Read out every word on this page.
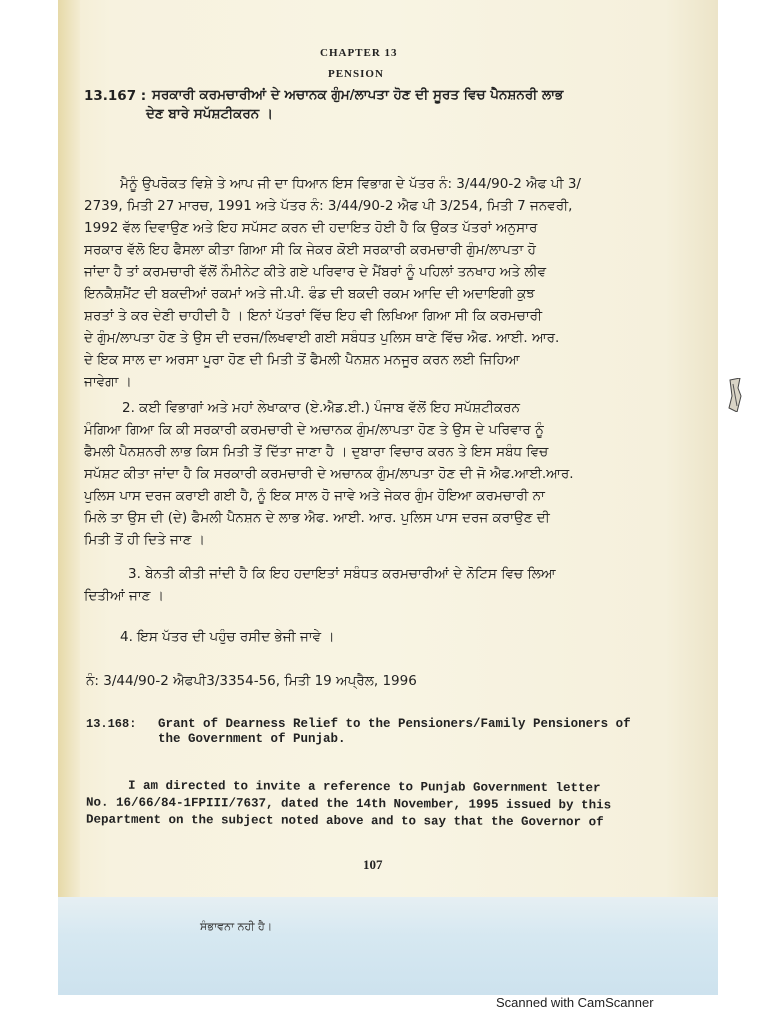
CHAPTER 13
PENSION
13.167 : ਸਰਕਾਰੀ ਕਰਮਚਾਰੀਆਂ ਦੇ ਅਚਾਨਕ ਗੁੰਮ/ਲਾਪਤਾ ਹੋਣ ਦੀ ਸੂਰਤ ਵਿਚ ਪੈਨਸ਼ਨਰੀ ਲਾਭ
ਦੇਣ ਬਾਰੇ ਸਪੱਸ਼ਟੀਕਰਨ ।
ਮੈਨੂੰ ਉਪਰੋਕਤ ਵਿਸ਼ੇ ਤੇ ਆਪ ਜੀ ਦਾ ਧਿਆਨ ਇਸ ਵਿਭਾਗ ਦੇ ਪੱਤਰ ਨੰ: 3/44/90-2 ਐਫ ਪੀ 3/
2739, ਮਿਤੀ 27 ਮਾਰਚ, 1991 ਅਤੇ ਪੱਤਰ ਨੰ: 3/44/90-2 ਐਫ ਪੀ 3/254, ਮਿਤੀ 7 ਜਨਵਰੀ,
1992 ਵੱਲ ਦਿਵਾਉਣ ਅਤੇ ਇਹ ਸਪੱਸਟ ਕਰਨ ਦੀ ਹਦਾਇਤ ਹੋਈ ਹੈ ਕਿ ਉਕਤ ਪੱਤਰਾਂ ਅਨੁਸਾਰ
ਸਰਕਾਰ ਵੱਲੋ ਇਹ ਫੈਸਲਾ ਕੀਤਾ ਗਿਆ ਸੀ ਕਿ ਜੇਕਰ ਕੋਈ ਸਰਕਾਰੀ ਕਰਮਚਾਰੀ ਗੁੰਮ/ਲਾਪਤਾ ਹੋ
ਜਾਂਦਾ ਹੈ ਤਾਂ ਕਰਮਚਾਰੀ ਵੱਲੋਂ ਨੌਮੀਨੇਟ ਕੀਤੇ ਗਏ ਪਰਿਵਾਰ ਦੇ ਮੈਂਬਰਾਂ ਨੂੰ ਪਹਿਲਾਂ ਤਨਖਾਹ ਅਤੇ ਲੀਵ
ਇਨਕੈਸ਼ਮੈਂਟ ਦੀ ਬਕਦੀਆਂ ਰਕਮਾਂ ਅਤੇ ਜੀ.ਪੀ. ਫੰਡ ਦੀ ਬਕਦੀ ਰਕਮ ਆਦਿ ਦੀ ਅਦਾਇਗੀ ਕੁਝ
ਸ਼ਰਤਾਂ ਤੇ ਕਰ ਦੇਣੀ ਚਾਹੀਦੀ ਹੈ । ਇਨਾਂ ਪੱਤਰਾਂ ਵਿੱਚ ਇਹ ਵੀ ਲਿਖਿਆ ਗਿਆ ਸੀ ਕਿ ਕਰਮਚਾਰੀ
ਦੇ ਗੁੰਮ/ਲਾਪਤਾ ਹੋਣ ਤੇ ਉਸ ਦੀ ਦਰਜ/ਲਿਖਵਾਈ ਗਈ ਸਬੰਧਤ ਪੁਲਿਸ ਥਾਣੇ ਵਿੱਚ ਐਫ. ਆਈ. ਆਰ.
ਦੇ ਇਕ ਸਾਲ ਦਾ ਅਰਸਾ ਪੂਰਾ ਹੋਣ ਦੀ ਮਿਤੀ ਤੋਂ ਫੈਮਲੀ ਪੈਨਸ਼ਨ ਮਨਜੂਰ ਕਰਨ ਲਈ ਜਿਹਿਆ
ਜਾਵੇਗਾ ।
2. ਕਈ ਵਿਭਾਗਾਂ ਅਤੇ ਮਹਾਂ ਲੇਖਾਕਾਰ (ਏ.ਐਡ.ਈ.) ਪੰਜਾਬ ਵੱਲੋਂ ਇਹ ਸਪੱਸ਼ਟੀਕਰਨ
ਮੰਗਿਆ ਗਿਆ ਕਿ ਕੀ ਸਰਕਾਰੀ ਕਰਮਚਾਰੀ ਦੇ ਅਚਾਨਕ ਗੁੰਮ/ਲਾਪਤਾ ਹੋਣ ਤੇ ਉਸ ਦੇ ਪਰਿਵਾਰ ਨੂੰ
ਫੈਮਲੀ ਪੈਨਸ਼ਨਰੀ ਲਾਭ ਕਿਸ ਮਿਤੀ ਤੋਂ ਦਿੱਤਾ ਜਾਣਾ ਹੈ । ਦੁਬਾਰਾ ਵਿਚਾਰ ਕਰਨ ਤੇ ਇਸ ਸਬੰਧ ਵਿਚ
ਸਪੱਸ਼ਟ ਕੀਤਾ ਜਾਂਦਾ ਹੈ ਕਿ ਸਰਕਾਰੀ ਕਰਮਚਾਰੀ ਦੇ ਅਚਾਨਕ ਗੁੰਮ/ਲਾਪਤਾ ਹੋਣ ਦੀ ਜੋ ਐਫ.ਆਈ.ਆਰ.
ਪੁਲਿਸ ਪਾਸ ਦਰਜ ਕਰਾਈ ਗਈ ਹੈ, ਨੂੰ ਇਕ ਸਾਲ ਹੋ ਜਾਵੇ ਅਤੇ ਜੇਕਰ ਗੁੰਮ ਹੋਇਆ ਕਰਮਚਾਰੀ ਨਾ
ਮਿਲੇ ਤਾ ਉਸ ਦੀ (ਦੇ) ਫੈਮਲੀ ਪੈਨਸ਼ਨ ਦੇ ਲਾਭ ਐਫ. ਆਈ. ਆਰ. ਪੁਲਿਸ ਪਾਸ ਦਰਜ ਕਰਾਉਣ ਦੀ
ਮਿਤੀ ਤੋਂ ਹੀ ਦਿਤੇ ਜਾਣ ।
3. ਬੇਨਤੀ ਕੀਤੀ ਜਾਂਦੀ ਹੈ ਕਿ ਇਹ ਹਦਾਇਤਾਂ ਸਬੰਧਤ ਕਰਮਚਾਰੀਆਂ ਦੇ ਨੋਟਿਸ ਵਿਚ ਲਿਆ
ਦਿਤੀਆਂ ਜਾਣ ।
4. ਇਸ ਪੱਤਰ ਦੀ ਪਹੁੰਚ ਰਸੀਦ ਭੇਜੀ ਜਾਵੇ ।
ਨੰ: 3/44/90-2 ਐਫਪੀ3/3354-56, ਮਿਤੀ 19 ਅਪ੍ਰੈਲ, 1996
13.168: Grant of Dearness Relief to the Pensioners/Family Pensioners of
the Government of Punjab.
I am directed to invite a reference to Punjab Government letter
No. 16/66/84-1FPIII/7637, dated the 14th November, 1995 issued by this
Department on the subject noted above and to say that the Governor of
107
ਸੰਭਾਵਨਾ ਨਹੀ ਹੈ।
Scanned with CamScanner
